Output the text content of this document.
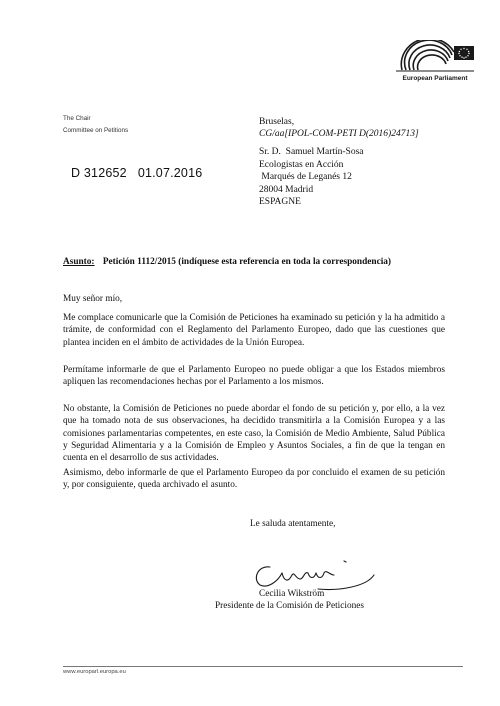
European Parliament
The Chair
Committee on Petitions
Bruselas,
CG/aa[IPOL-COM-PETI D(2016)24713]
D 312652   01.07.2016
Sr. D.  Samuel Martín-Sosa
Ecologistas en Acción
Marqués de Leganés 12
28004 Madrid
ESPAGNE
Asunto: Petición 1112/2015 (indíquese esta referencia en toda la correspondencia)
Muy señor mío,
Me complace comunicarle que la Comisión de Peticiones ha examinado su petición y la ha admitido a trámite, de conformidad con el Reglamento del Parlamento Europeo, dado que las cuestiones que plantea inciden en el ámbito de actividades de la Unión Europea.
Permítame informarle de que el Parlamento Europeo no puede obligar a que los Estados miembros apliquen las recomendaciones hechas por el Parlamento a los mismos.
No obstante, la Comisión de Peticiones no puede abordar el fondo de su petición y, por ello, a la vez que ha tomado nota de sus observaciones, ha decidido transmitirla a la Comisión Europea y a las comisiones parlamentarias competentes, en este caso, la Comisión de Medio Ambiente, Salud Pública y Seguridad Alimentaria y a la Comisión de Empleo y Asuntos Sociales, a fin de que la tengan en cuenta en el desarrollo de sus actividades.
Asimismo, debo informarle de que el Parlamento Europeo da por concluido el examen de su petición y, por consiguiente, queda archivado el asunto.
Le saluda atentamente,
Cecilia Wikström
Presidente de la Comisión de Peticiones
www.europarl.europa.eu
